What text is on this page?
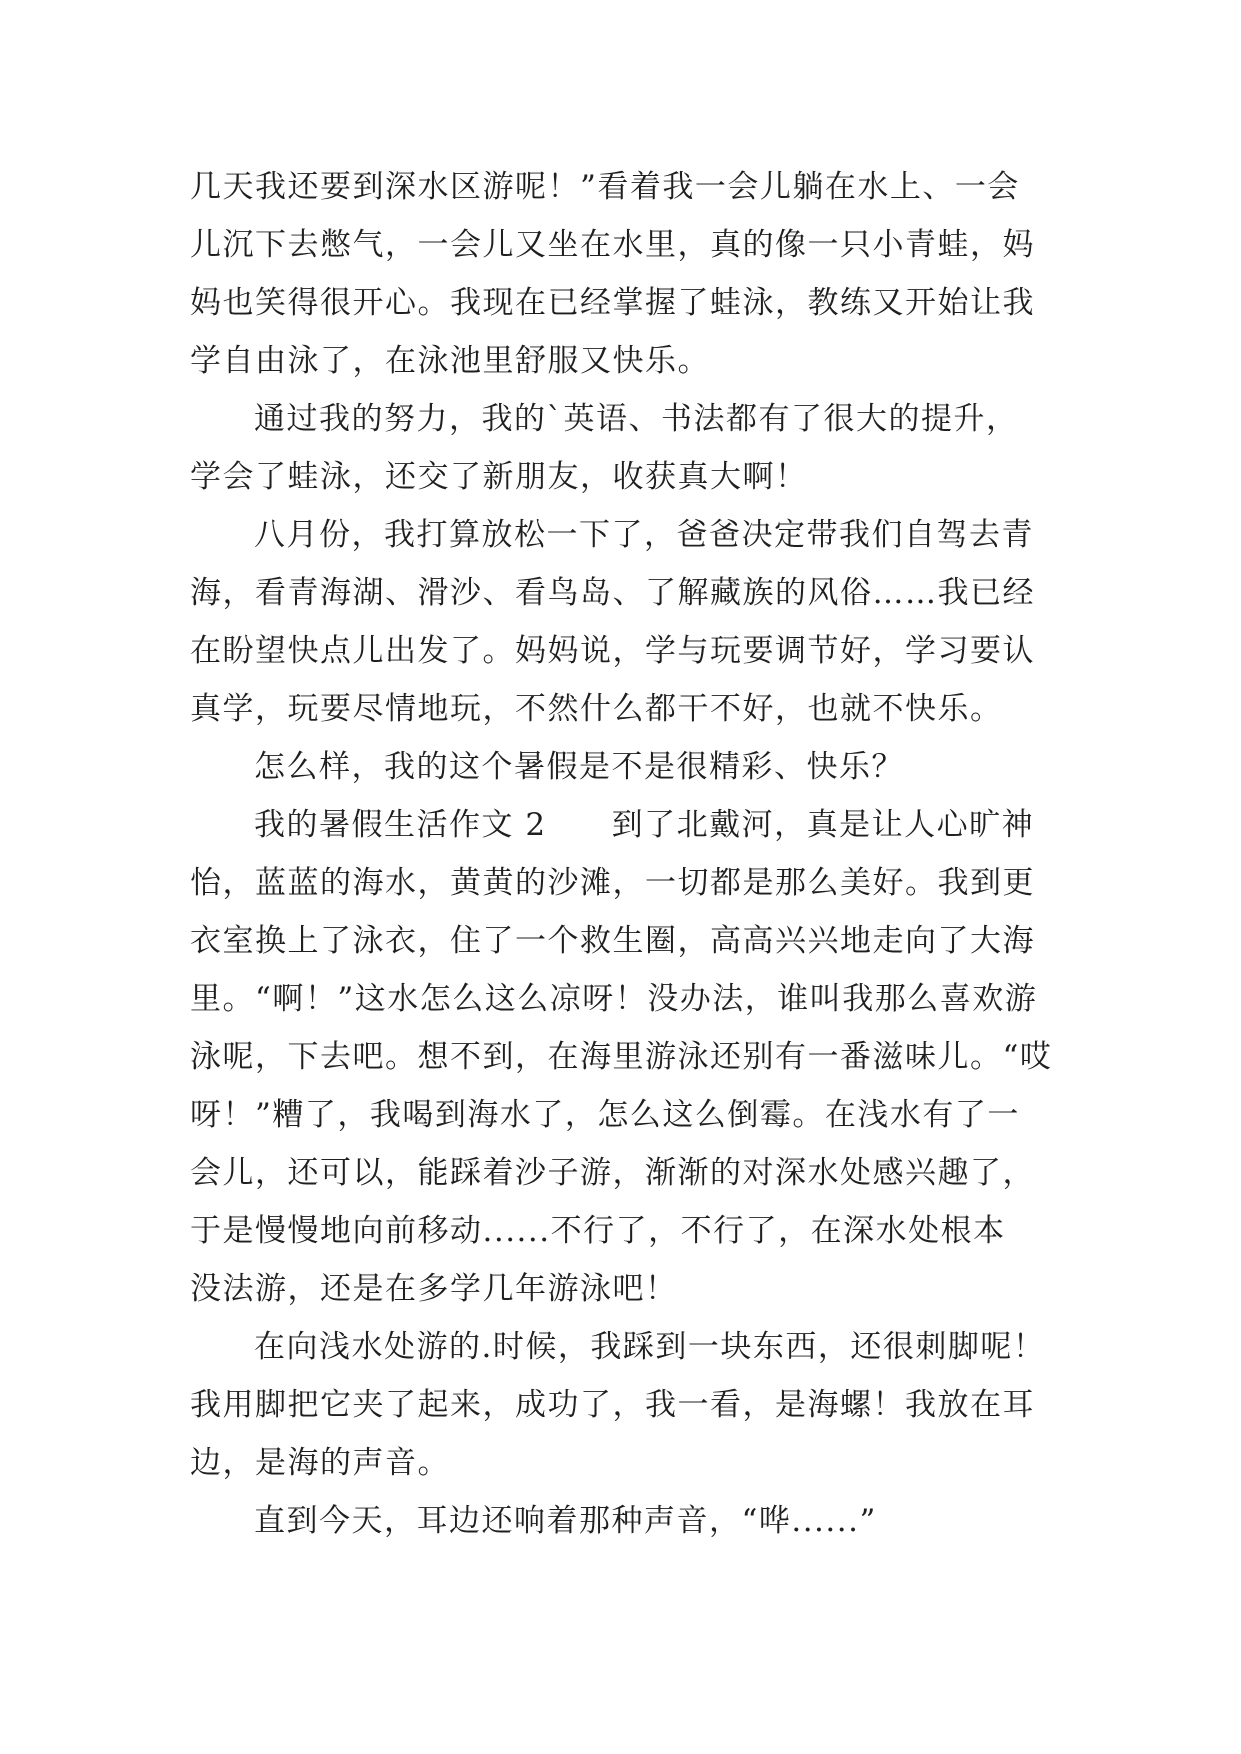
几天我还要到深水区游呢！”看着我一会儿躺在水上、一会
儿沉下去憋气，一会儿又坐在水里，真的像一只小青蛙，妈
妈也笑得很开心。我现在已经掌握了蛙泳，教练又开始让我
学自由泳了，在泳池里舒服又快乐。
通过我的努力，我的`英语、书法都有了很大的提升，
学会了蛙泳，还交了新朋友，收获真大啊！
八月份，我打算放松一下了，爸爸决定带我们自驾去青
海，看青海湖、滑沙、看鸟岛、了解藏族的风俗……我已经
在盼望快点儿出发了。妈妈说，学与玩要调节好，学习要认
真学，玩要尽情地玩，不然什么都干不好，也就不快乐。
怎么样，我的这个暑假是不是很精彩、快乐？
我的暑假生活作文 2　　到了北戴河，真是让人心旷神
怡，蓝蓝的海水，黄黄的沙滩，一切都是那么美好。我到更
衣室换上了泳衣，住了一个救生圈，高高兴兴地走向了大海
里。“啊！”这水怎么这么凉呀！没办法，谁叫我那么喜欢游
泳呢，下去吧。想不到，在海里游泳还别有一番滋味儿。“哎
呀！”糟了，我喝到海水了，怎么这么倒霉。在浅水有了一
会儿，还可以，能踩着沙子游，渐渐的对深水处感兴趣了，
于是慢慢地向前移动......不行了，不行了，在深水处根本
没法游，还是在多学几年游泳吧！
在向浅水处游的.时候，我踩到一块东西，还很刺脚呢！
我用脚把它夹了起来，成功了，我一看，是海螺！我放在耳
边，是海的声音。
直到今天，耳边还响着那种声音，“哗......”
